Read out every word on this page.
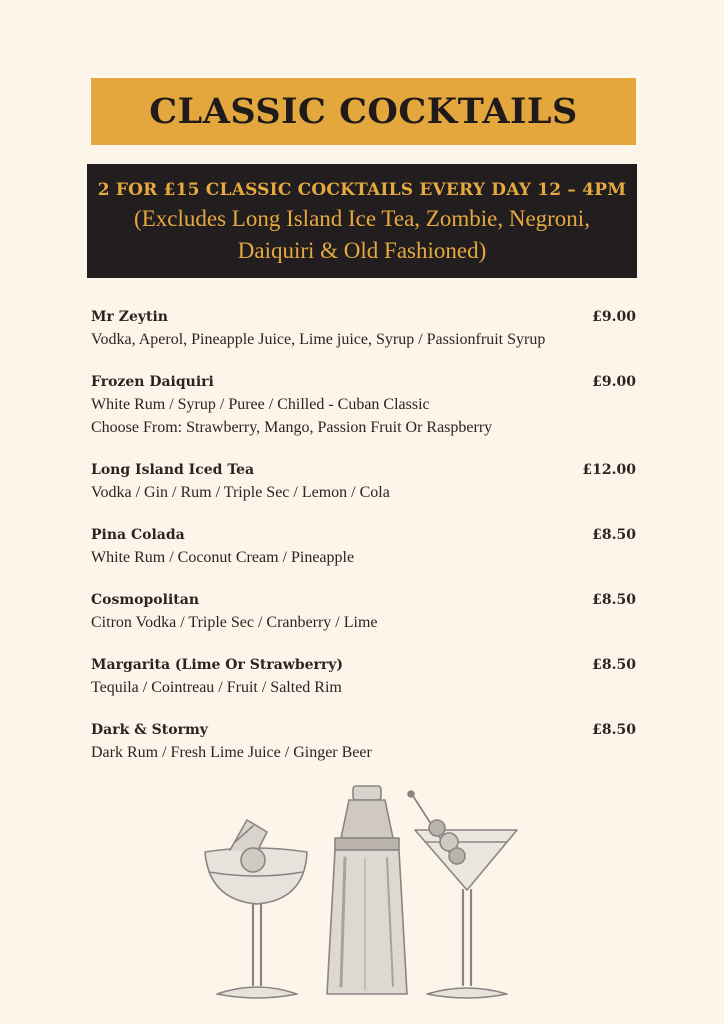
CLASSIC COCKTAILS
2 FOR £15 CLASSIC COCKTAILS EVERY DAY 12 – 4PM
(Excludes Long Island Ice Tea, Zombie, Negroni,
Daiquiri & Old Fashioned)
Mr Zeytin	£9.00
Vodka, Aperol, Pineapple Juice, Lime juice, Syrup / Passionfruit Syrup
Frozen Daiquiri	£9.00
White Rum / Syrup / Puree / Chilled - Cuban Classic
Choose From: Strawberry, Mango, Passion Fruit Or Raspberry
Long Island Iced Tea	£12.00
Vodka / Gin / Rum / Triple Sec / Lemon / Cola
Pina Colada	£8.50
White Rum / Coconut Cream / Pineapple
Cosmopolitan	£8.50
Citron Vodka / Triple Sec / Cranberry / Lime
Margarita (Lime Or Strawberry)	£8.50
Tequila / Cointreau / Fruit / Salted Rim
Dark & Stormy	£8.50
Dark Rum / Fresh Lime Juice / Ginger Beer
